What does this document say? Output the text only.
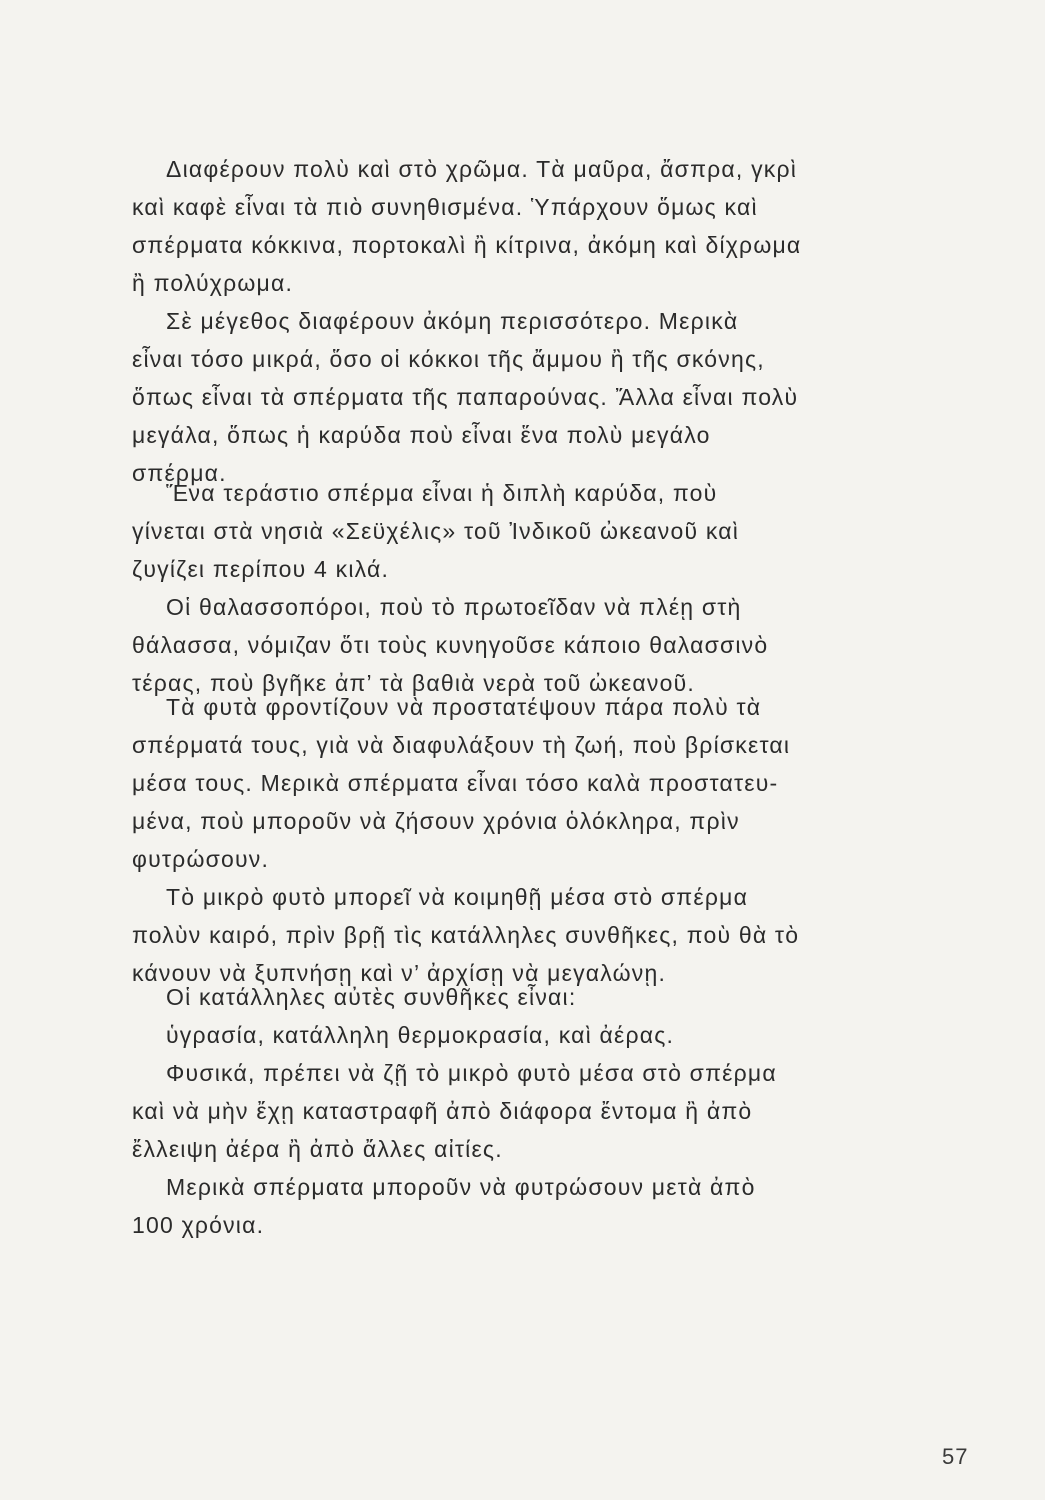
Διαφέρουν πολὺ καὶ στὸ χρῶμα. Τὰ μαῦρα, ἄσπρα, γκρὶ
καὶ καφὲ εἶναι τὰ πιὸ συνηθισμένα. Ὑπάρχουν ὅμως καὶ
σπέρματα κόκκινα, πορτοκαλὶ ἢ κίτρινα, ἀκόμη καὶ δίχρωμα
ἢ πολύχρωμα.
Σὲ μέγεθος διαφέρουν ἀκόμη περισσότερο. Μερικὰ
εἶναι τόσο μικρά, ὅσο οἱ κόκκοι τῆς ἄμμου ἢ τῆς σκόνης,
ὅπως εἶναι τὰ σπέρματα τῆς παπαρούνας. Ἄλλα εἶναι πολὺ
μεγάλα, ὅπως ἡ καρύδα ποὺ εἶναι ἕνα πολὺ μεγάλο
σπέρμα.
Ἕνα τεράστιο σπέρμα εἶναι ἡ διπλὴ καρύδα, ποὺ
γίνεται στὰ νησιὰ «Σεϋχέλις» τοῦ Ἰνδικοῦ ὠκεανοῦ καὶ
ζυγίζει περίπου 4 κιλά.
Οἱ θαλασσοπόροι, ποὺ τὸ πρωτοεῖδαν νὰ πλέῃ στὴ
θάλασσα, νόμιζαν ὅτι τοὺς κυνηγοῦσε κάποιο θαλασσινὸ
τέρας, ποὺ βγῆκε ἀπ’ τὰ βαθιὰ νερὰ τοῦ ὠκεανοῦ.
Τὰ φυτὰ φροντίζουν νὰ προστατέψουν πάρα πολὺ τὰ
σπέρματά τους, γιὰ νὰ διαφυλάξουν τὴ ζωή, ποὺ βρίσκεται
μέσα τους. Μερικὰ σπέρματα εἶναι τόσο καλὰ προστατευ-
μένα, ποὺ μποροῦν νὰ ζήσουν χρόνια ὁλόκληρα, πρὶν
φυτρώσουν.
Τὸ μικρὸ φυτὸ μπορεῖ νὰ κοιμηθῇ μέσα στὸ σπέρμα
πολὺν καιρό, πρὶν βρῇ τὶς κατάλληλες συνθῆκες, ποὺ θὰ τὸ
κάνουν νὰ ξυπνήσῃ καὶ ν’ ἀρχίσῃ νὰ μεγαλώνῃ.
Οἱ κατάλληλες αὐτὲς συνθῆκες εἶναι:
ὑγρασία, κατάλληλη θερμοκρασία, καὶ ἀέρας.
Φυσικά, πρέπει νὰ ζῇ τὸ μικρὸ φυτὸ μέσα στὸ σπέρμα
καὶ νὰ μὴν ἔχῃ καταστραφῆ ἀπὸ διάφορα ἔντομα ἢ ἀπὸ
ἔλλειψη ἀέρα ἢ ἀπὸ ἄλλες αἰτίες.
Μερικὰ σπέρματα μποροῦν νὰ φυτρώσουν μετὰ ἀπὸ
100 χρόνια.
57
